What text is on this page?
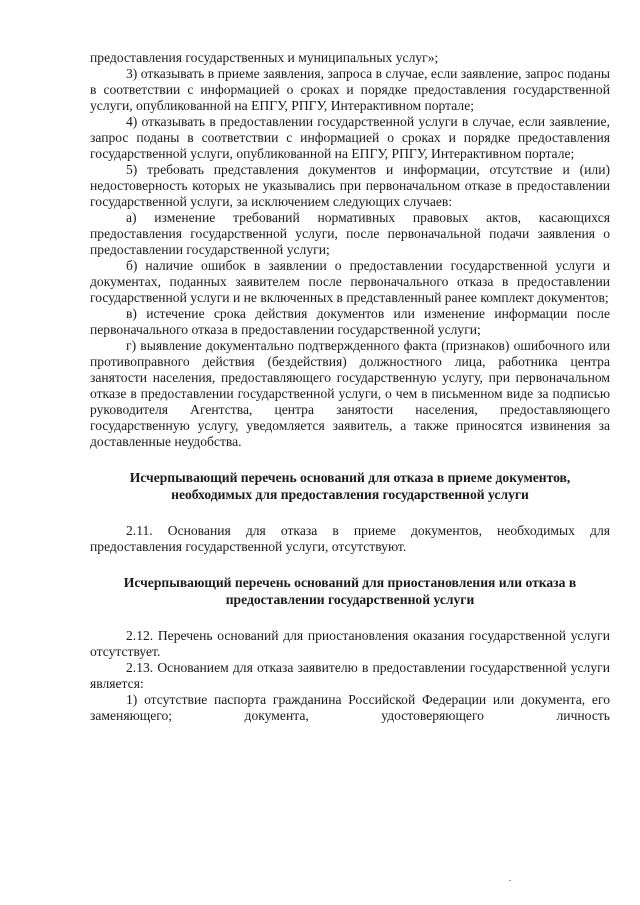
предоставления государственных и муниципальных услуг»;

3) отказывать в приеме заявления, запроса в случае, если заявление, запрос поданы в соответствии с информацией о сроках и порядке предоставления государственной услуги, опубликованной на ЕПГУ, РПГУ, Интерактивном портале;

4) отказывать в предоставлении государственной услуги в случае, если заявление, запрос поданы в соответствии с информацией о сроках и порядке предоставления государственной услуги, опубликованной на ЕПГУ, РПГУ, Интерактивном портале;

5) требовать представления документов и информации, отсутствие и (или) недостоверность которых не указывались при первоначальном отказе в предоставлении государственной услуги, за исключением следующих случаев:

а) изменение требований нормативных правовых актов, касающихся предоставления государственной услуги, после первоначальной подачи заявления о предоставлении государственной услуги;

б) наличие ошибок в заявлении о предоставлении государственной услуги и документах, поданных заявителем после первоначального отказа в предоставлении государственной услуги и не включенных в представленный ранее комплект документов;

в) истечение срока действия документов или изменение информации после первоначального отказа в предоставлении государственной услуги;

г) выявление документально подтвержденного факта (признаков) ошибочного или противоправного действия (бездействия) должностного лица, работника центра занятости населения, предоставляющего государственную услугу, при первоначальном отказе в предоставлении государственной услуги, о чем в письменном виде за подписью руководителя Агентства, центра занятости населения, предоставляющего государственную услугу, уведомляется заявитель, а также приносятся извинения за доставленные неудобства.

Исчерпывающий перечень оснований для отказа в приеме документов, необходимых для предоставления государственной услуги

2.11. Основания для отказа в приеме документов, необходимых для предоставления государственной услуги, отсутствуют.

Исчерпывающий перечень оснований для приостановления или отказа в предоставлении государственной услуги

2.12. Перечень оснований для приостановления оказания государственной услуги отсутствует.

2.13. Основанием для отказа заявителю в предоставлении государственной услуги является:

1) отсутствие паспорта гражданина Российской Федерации или документа, его заменяющего; документа, удостоверяющего личность
